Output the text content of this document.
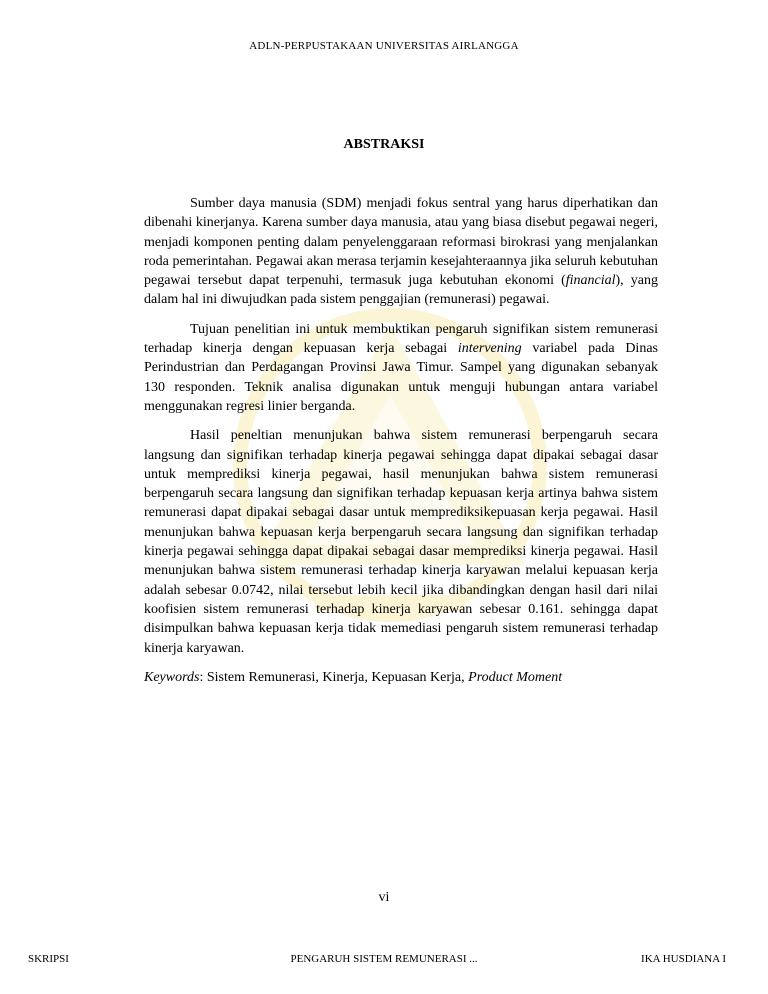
ADLN-PERPUSTAKAAN UNIVERSITAS AIRLANGGA
ABSTRAKSI

Sumber daya manusia (SDM) menjadi fokus sentral yang harus diperhatikan dan dibenahi kinerjanya. Karena sumber daya manusia, atau yang biasa disebut pegawai negeri, menjadi komponen penting dalam penyelenggaraan reformasi birokrasi yang menjalankan roda pemerintahan. Pegawai akan merasa terjamin kesejahteraannya jika seluruh kebutuhan pegawai tersebut dapat terpenuhi, termasuk juga kebutuhan ekonomi (financial), yang dalam hal ini diwujudkan pada sistem penggajian (remunerasi) pegawai.

Tujuan penelitian ini untuk membuktikan pengaruh signifikan sistem remunerasi terhadap kinerja dengan kepuasan kerja sebagai intervening variabel pada Dinas Perindustrian dan Perdagangan Provinsi Jawa Timur. Sampel yang digunakan sebanyak 130 responden. Teknik analisa digunakan untuk menguji hubungan antara variabel menggunakan regresi linier berganda.

Hasil peneltian menunjukan bahwa sistem remunerasi berpengaruh secara langsung dan signifikan terhadap kinerja pegawai sehingga dapat dipakai sebagai dasar untuk memprediksi kinerja pegawai, hasil menunjukan bahwa sistem remunerasi berpengaruh secara langsung dan signifikan terhadap kepuasan kerja artinya bahwa sistem remunerasi dapat dipakai sebagai dasar untuk memprediksikepuasan kerja pegawai. Hasil menunjukan bahwa kepuasan kerja berpengaruh secara langsung dan signifikan terhadap kinerja pegawai sehingga dapat dipakai sebagai dasar memprediksi kinerja pegawai. Hasil menunjukan bahwa sistem remunerasi terhadap kinerja karyawan melalui kepuasan kerja adalah sebesar 0.0742, nilai tersebut lebih kecil jika dibandingkan dengan hasil dari nilai koofisien sistem remunerasi terhadap kinerja karyawan sebesar 0.161. sehingga dapat disimpulkan bahwa kepuasan kerja tidak memediasi pengaruh sistem remunerasi terhadap kinerja karyawan.

Keywords: Sistem Remunerasi, Kinerja, Kepuasan Kerja, Product Moment

vi
SKRIPSI	PENGARUH SISTEM REMUNERASI ...	IKA HUSDIANA I
